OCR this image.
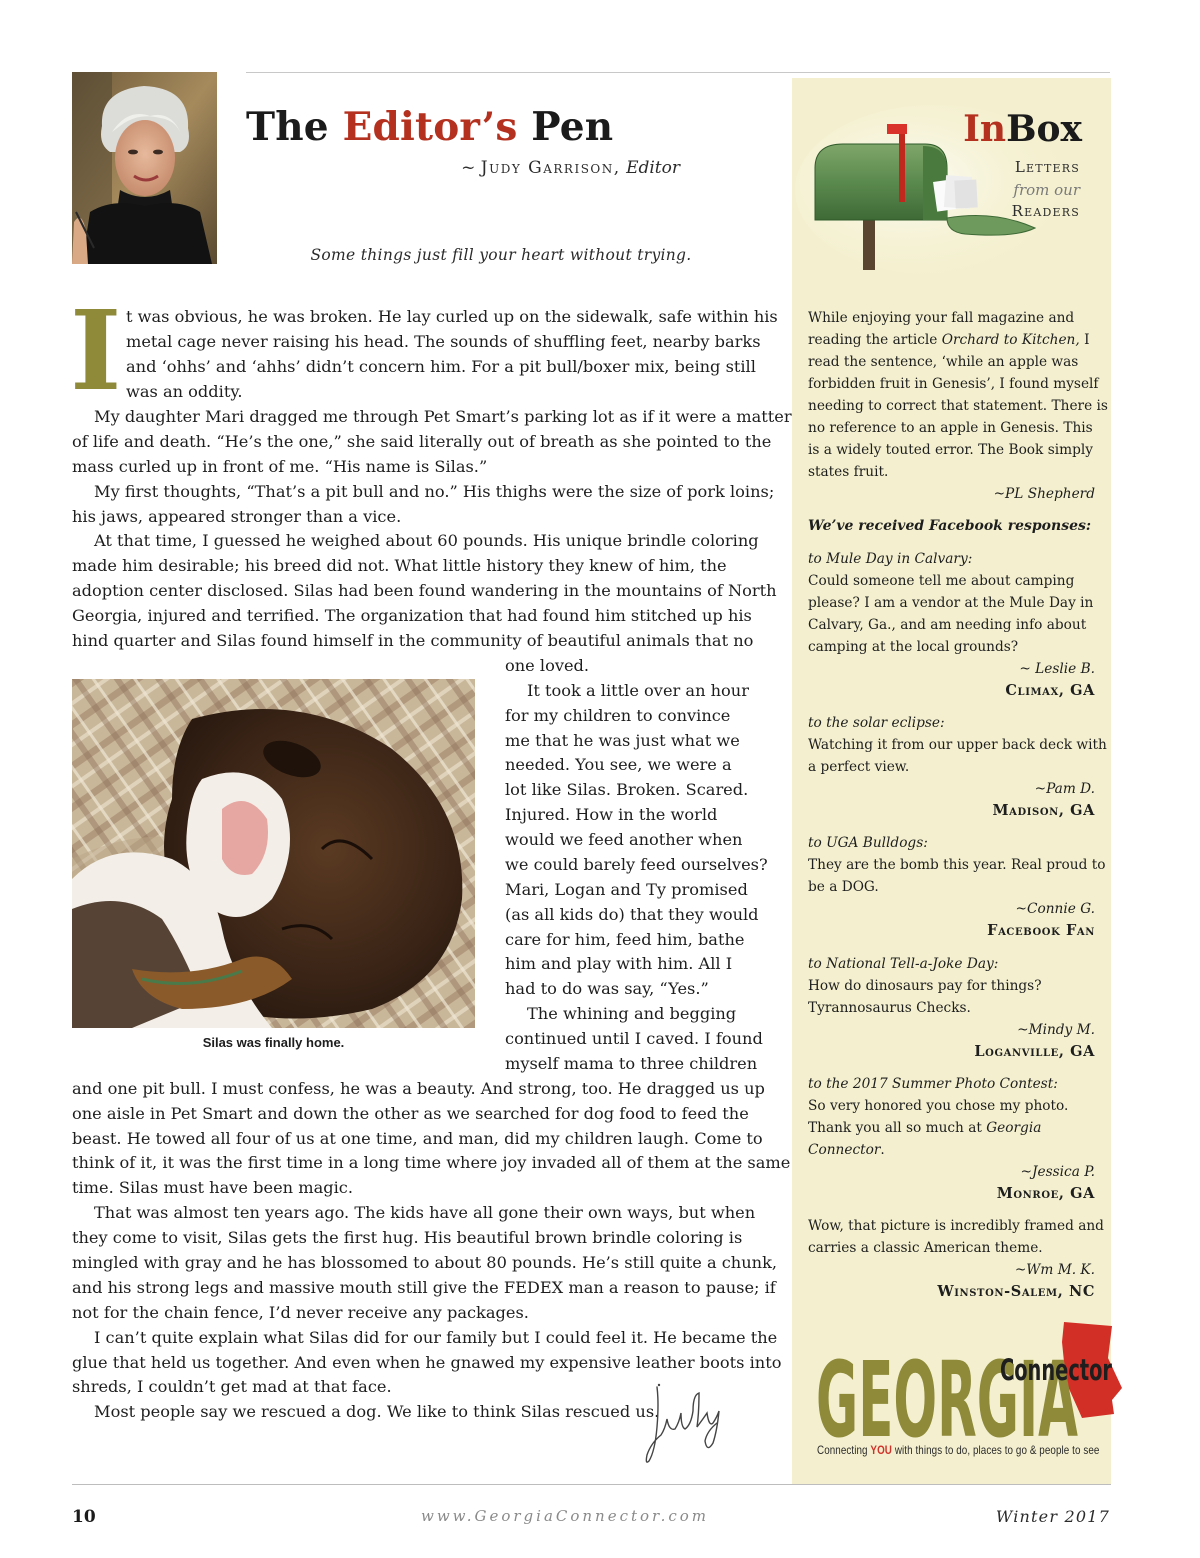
The Editor’s Pen
~ Judy Garrison, Editor
Some things just fill your heart without trying.
I t was obvious, he was broken. He lay curled up on the sidewalk, safe within his
metal cage never raising his head. The sounds of shuffling feet, nearby barks
and ‘ohhs’ and ‘ahhs’ didn’t concern him. For a pit bull/boxer mix, being still
was an oddity.
My daughter Mari dragged me through Pet Smart’s parking lot as if it were a matter
of life and death. “He’s the one,” she said literally out of breath as she pointed to the
mass curled up in front of me. “His name is Silas.”
My first thoughts, “That’s a pit bull and no.” His thighs were the size of pork loins;
his jaws, appeared stronger than a vice.
At that time, I guessed he weighed about 60 pounds. His unique brindle coloring
made him desirable; his breed did not. What little history they knew of him, the
adoption center disclosed. Silas had been found wandering in the mountains of North
Georgia, injured and terrified. The organization that had found him stitched up his
hind quarter and Silas found himself in the community of beautiful animals that no
one loved.
It took a little over an hour
for my children to convince
me that he was just what we
needed. You see, we were a
lot like Silas. Broken. Scared.
Injured. How in the world
would we feed another when
we could barely feed ourselves?
Mari, Logan and Ty promised
(as all kids do) that they would
care for him, feed him, bathe
him and play with him. All I
had to do was say, “Yes.”
The whining and begging
continued until I caved. I found
myself mama to three children
and one pit bull. I must confess, he was a beauty. And strong, too. He dragged us up
one aisle in Pet Smart and down the other as we searched for dog food to feed the
beast. He towed all four of us at one time, and man, did my children laugh. Come to
think of it, it was the first time in a long time where joy invaded all of them at the same
time. Silas must have been magic.
That was almost ten years ago. The kids have all gone their own ways, but when
they come to visit, Silas gets the first hug. His beautiful brown brindle coloring is
mingled with gray and he has blossomed to about 80 pounds. He’s still quite a chunk,
and his strong legs and massive mouth still give the FEDEX man a reason to pause; if
not for the chain fence, I’d never receive any packages.
I can’t quite explain what Silas did for our family but I could feel it. He became the
glue that held us together. And even when he gnawed my expensive leather boots into
shreds, I couldn’t get mad at that face.
Most people say we rescued a dog. We like to think Silas rescued us.
Silas was finally home.
InBox
Letters
from our
Readers
While enjoying your fall magazine and
reading the article Orchard to Kitchen, I
read the sentence, ‘while an apple was
forbidden fruit in Genesis’, I found myself
needing to correct that statement. There is
no reference to an apple in Genesis. This
is a widely touted error. The Book simply
states fruit.
~PL Shepherd
We’ve received Facebook responses:
to Mule Day in Calvary:
Could someone tell me about camping
please? I am a vendor at the Mule Day in
Calvary, Ga., and am needing info about
camping at the local grounds?
~ Leslie B.
Climax, GA
to the solar eclipse:
Watching it from our upper back deck with
a perfect view.
~Pam D.
Madison, GA
to UGA Bulldogs:
They are the bomb this year. Real proud to
be a DOG.
~Connie G.
Facebook Fan
to National Tell-a-Joke Day:
How do dinosaurs pay for things?
Tyrannosaurus Checks.
~Mindy M.
Loganville, GA
to the 2017 Summer Photo Contest:
So very honored you chose my photo.
Thank you all so much at Georgia
Connector.
~Jessica P.
Monroe, GA
Wow, that picture is incredibly framed and
carries a classic American theme.
~Wm M. K.
Winston-Salem, NC
GEORGIA
Connector
Connecting YOU with things to do, places to go & people to see
10	www.GeorgiaConnector.com	Winter 2017
